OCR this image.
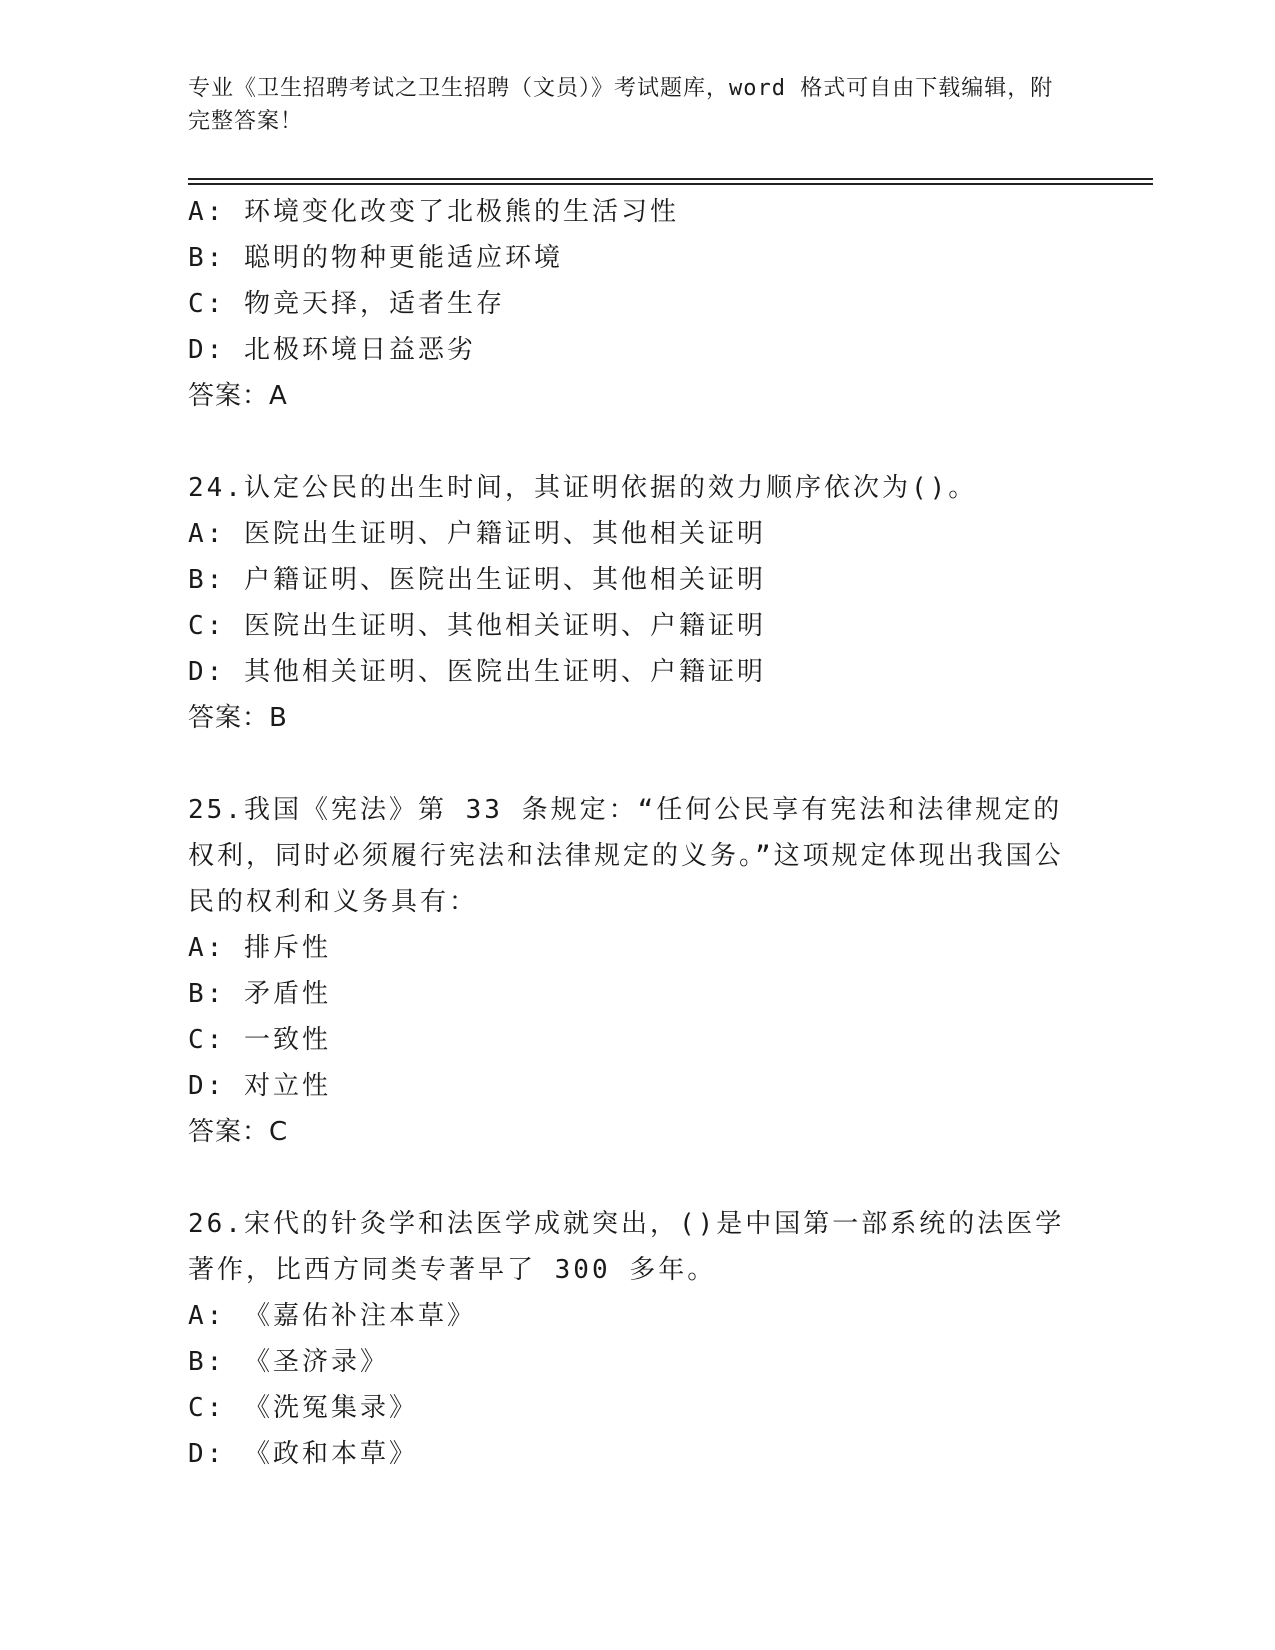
专业《卫生招聘考试之卫生招聘（文员）》考试题库，word 格式可自由下载编辑，附完整答案！
A: 环境变化改变了北极熊的生活习性
B: 聪明的物种更能适应环境
C: 物竞天择，适者生存
D: 北极环境日益恶劣
答案：A
24.认定公民的出生时间，其证明依据的效力顺序依次为()。
A: 医院出生证明、户籍证明、其他相关证明
B: 户籍证明、医院出生证明、其他相关证明
C: 医院出生证明、其他相关证明、户籍证明
D: 其他相关证明、医院出生证明、户籍证明
答案：B
25.我国《宪法》第 33 条规定：“任何公民享有宪法和法律规定的权利，同时必须履行宪法和法律规定的义务。”这项规定体现出我国公民的权利和义务具有：
A: 排斥性
B: 矛盾性
C: 一致性
D: 对立性
答案：C
26.宋代的针灸学和法医学成就突出，()是中国第一部系统的法医学著作，比西方同类专著早了 300 多年。
A: 《嘉佑补注本草》
B: 《圣济录》
C: 《洗冤集录》
D: 《政和本草》
